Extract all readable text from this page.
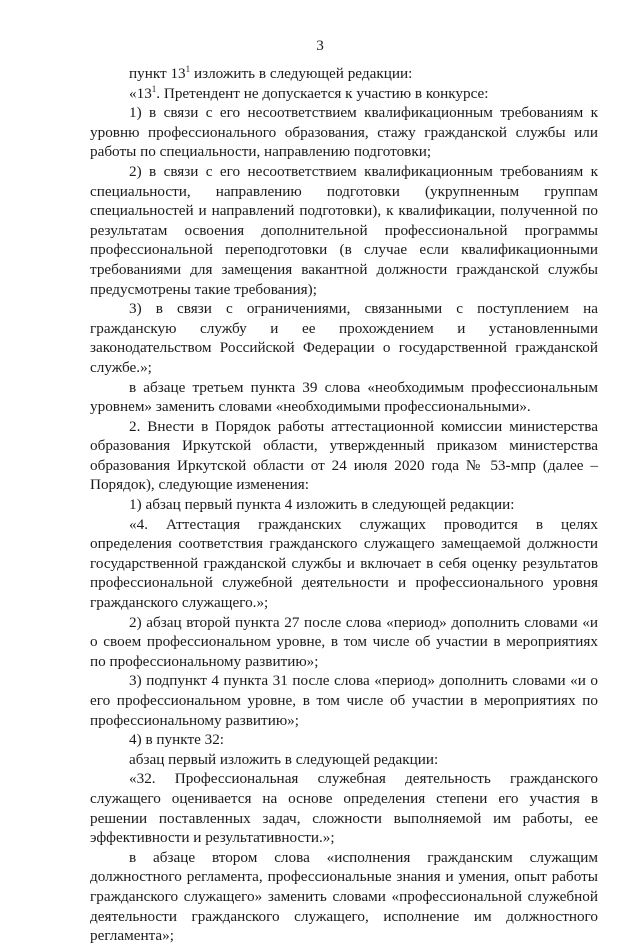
3

пункт $13^1$ изложить в следующей редакции:

«$13^1$. Претендент не допускается к участию в конкурсе:

1) в связи с его несоответствием квалификационным требованиям к уровню профессионального образования, стажу гражданской службы или работы по специальности, направлению подготовки;

2) в связи с его несоответствием квалификационным требованиям к специальности, направлению подготовки (укрупненным группам специальностей и направлений подготовки), к квалификации, полученной по результатам освоения дополнительной профессиональной программы профессиональной переподготовки (в случае если квалификационными требованиями для замещения вакантной должности гражданской службы предусмотрены такие требования);

3) в связи с ограничениями, связанными с поступлением на гражданскую службу и ее прохождением и установленными законодательством Российской Федерации о государственной гражданской службе.»;

в абзаце третьем пункта 39 слова «необходимым профессиональным уровнем» заменить словами «необходимыми профессиональными».

2. Внести в Порядок работы аттестационной комиссии министерства образования Иркутской области, утвержденный приказом министерства образования Иркутской области от 24 июля 2020 года № 53-мпр (далее – Порядок), следующие изменения:

1) абзац первый пункта 4 изложить в следующей редакции:

«4. Аттестация гражданских служащих проводится в целях определения соответствия гражданского служащего замещаемой должности государственной гражданской службы и включает в себя оценку результатов профессиональной служебной деятельности и профессионального уровня гражданского служащего.»;

2) абзац второй пункта 27 после слова «период» дополнить словами «и о своем профессиональном уровне, в том числе об участии в мероприятиях по профессиональному развитию»;

3) подпункт 4 пункта 31 после слова «период» дополнить словами «и о его профессиональном уровне, в том числе об участии в мероприятиях по профессиональному развитию»;

4) в пункте 32:

абзац первый изложить в следующей редакции:

«32. Профессиональная служебная деятельность гражданского служащего оценивается на основе определения степени его участия в решении поставленных задач, сложности выполняемой им работы, ее эффективности и результативности.»;

в абзаце втором слова «исполнения гражданским служащим должностного регламента, профессиональные знания и умения, опыт работы гражданского служащего» заменить словами «профессиональной служебной деятельности гражданского служащего, исполнение им должностного регламента»;
